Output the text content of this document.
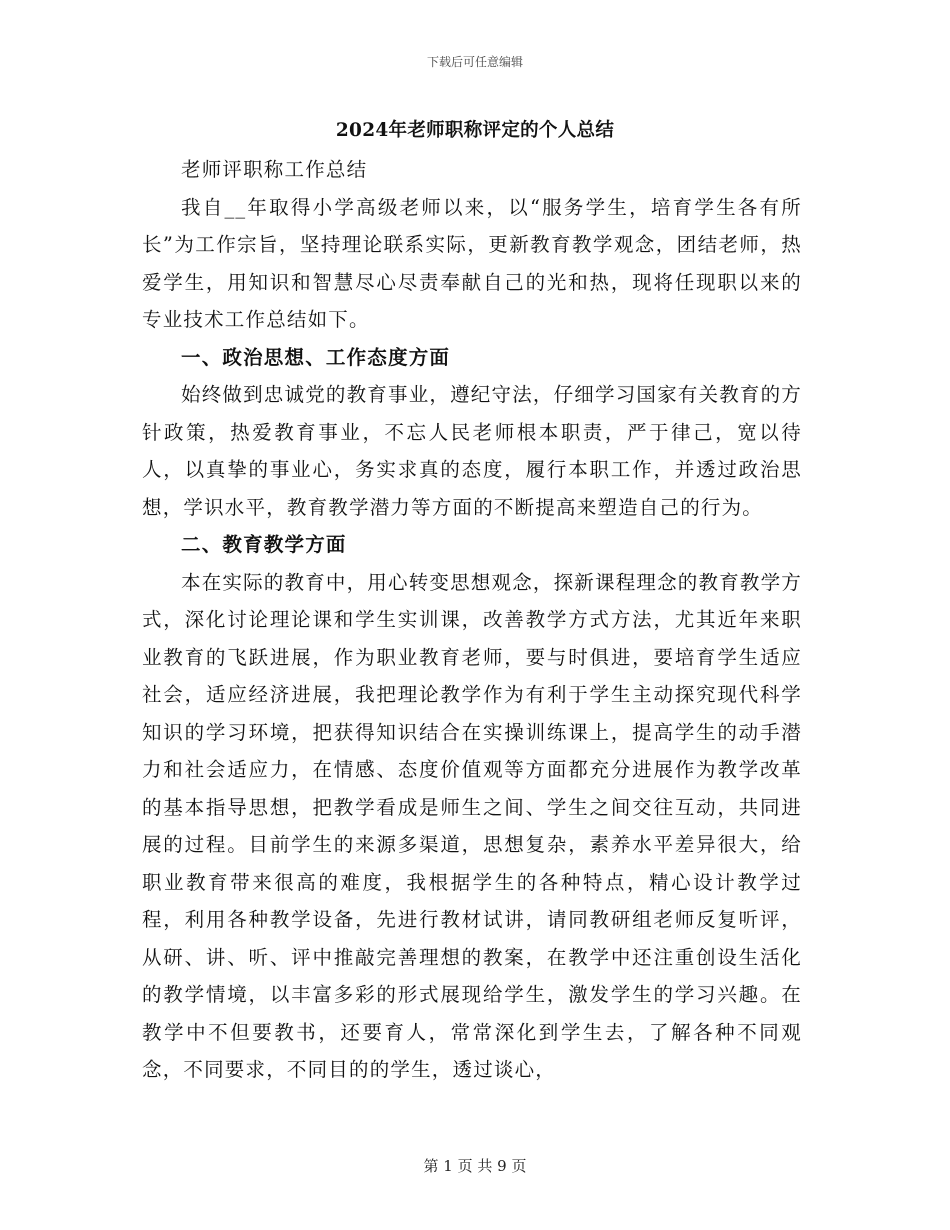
下载后可任意编辑
2024年老师职称评定的个人总结

老师评职称工作总结

我自__年取得小学高级老师以来，以“服务学生，培育学生各有所长”为工作宗旨，坚持理论联系实际，更新教育教学观念，团结老师，热爱学生，用知识和智慧尽心尽责奉献自己的光和热，现将任现职以来的专业技术工作总结如下。

一、政治思想、工作态度方面

始终做到忠诚党的教育事业，遵纪守法，仔细学习国家有关教育的方针政策，热爱教育事业，不忘人民老师根本职责，严于律己，宽以待人，以真挚的事业心，务实求真的态度，履行本职工作，并透过政治思想，学识水平，教育教学潜力等方面的不断提高来塑造自己的行为。

二、教育教学方面

本在实际的教育中，用心转变思想观念，探新课程理念的教育教学方式，深化讨论理论课和学生实训课，改善教学方式方法，尤其近年来职业教育的飞跃进展，作为职业教育老师，要与时俱进，要培育学生适应社会，适应经济进展，我把理论教学作为有利于学生主动探究现代科学知识的学习环境，把获得知识结合在实操训练课上，提高学生的动手潜力和社会适应力，在情感、态度价值观等方面都充分进展作为教学改革的基本指导思想，把教学看成是师生之间、学生之间交往互动，共同进展的过程。目前学生的来源多渠道，思想复杂，素养水平差异很大，给职业教育带来很高的难度，我根据学生的各种特点，精心设计教学过程，利用各种教学设备，先进行教材试讲，请同教研组老师反复听评，从研、讲、听、评中推敲完善理想的教案，在教学中还注重创设生活化的教学情境，以丰富多彩的形式展现给学生，激发学生的学习兴趣。在教学中不但要教书，还要育人，常常深化到学生去，了解各种不同观念，不同要求，不同目的的学生，透过谈心，

第 1 页 共 9 页
